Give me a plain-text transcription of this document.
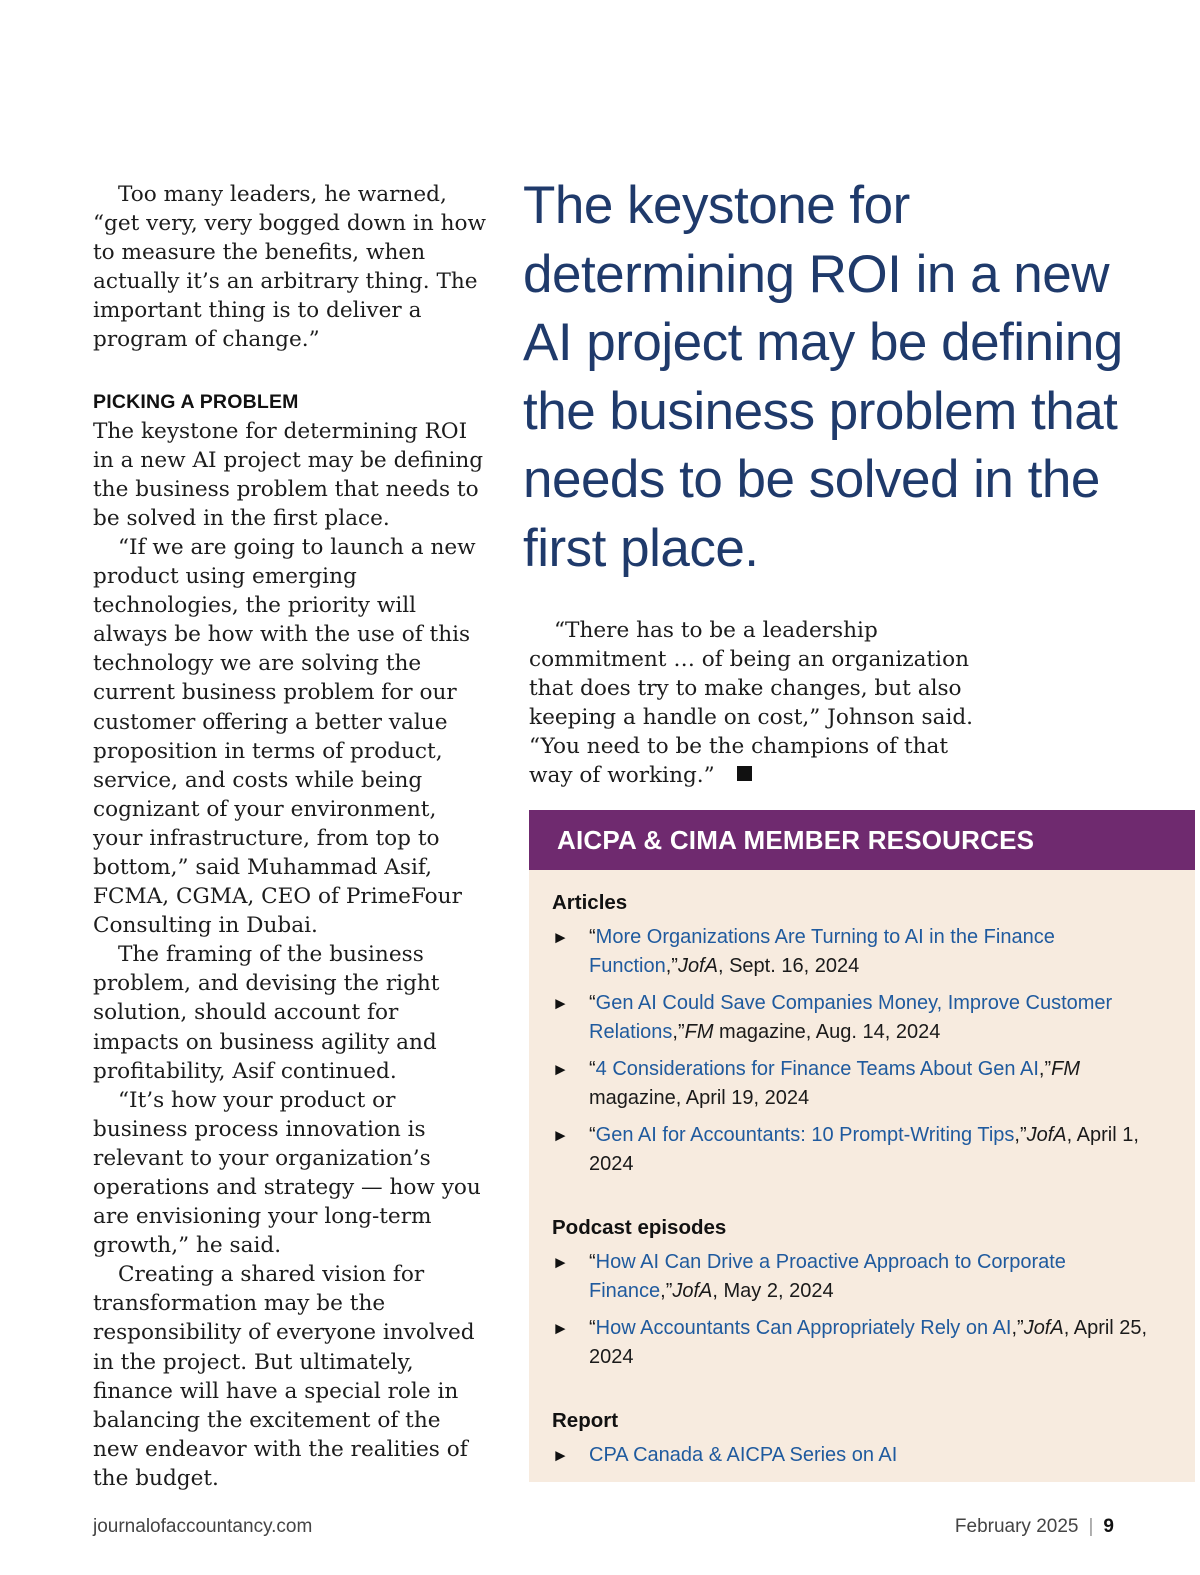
Too many leaders, he warned, “get very, very bogged down in how to measure the benefits, when actually it’s an arbitrary thing. The important thing is to deliver a program of change.”

PICKING A PROBLEM

The keystone for determining ROI in a new AI project may be defining the business problem that needs to be solved in the first place.

“If we are going to launch a new product using emerging technologies, the priority will always be how with the use of this technology we are solving the current business problem for our customer offering a better value proposition in terms of product, service, and costs while being cognizant of your environment, your infrastructure, from top to bottom,” said Muhammad Asif, FCMA, CGMA, CEO of PrimeFour Consulting in Dubai.

The framing of the business problem, and devising the right solution, should account for impacts on business agility and profitability, Asif continued.

“It’s how your product or business process innovation is relevant to your organization’s operations and strategy — how you are envisioning your long-term growth,” he said.

Creating a shared vision for transformation may be the responsibility of everyone involved in the project. But ultimately, finance will have a special role in balancing the excitement of the new endeavor with the realities of the budget.

The keystone for determining ROI in a new AI project may be defining the business problem that needs to be solved in the first place.

“There has to be a leadership commitment … of being an organization that does try to make changes, but also keeping a handle on cost,” Johnson said. “You need to be the champions of that way of working.”

AICPA & CIMA MEMBER RESOURCES
Articles
►	“More Organizations Are Turning to AI in the Finance Function,”JofA, Sept. 16, 2024
►	“Gen AI Could Save Companies Money, Improve Customer Relations,”FM magazine, Aug. 14, 2024
►	“4 Considerations for Finance Teams About Gen AI,”FM magazine, April 19, 2024
►	“Gen AI for Accountants: 10 Prompt-Writing Tips,”JofA, April 1, 2024
Podcast episodes
►	“How AI Can Drive a Proactive Approach to Corporate Finance,”JofA, May 2, 2024
►	“How Accountants Can Appropriately Rely on AI,”JofA, April 25, 2024
Report
►	CPA Canada & AICPA Series on AI
journalofaccountancy.com	February 2025 | 9
